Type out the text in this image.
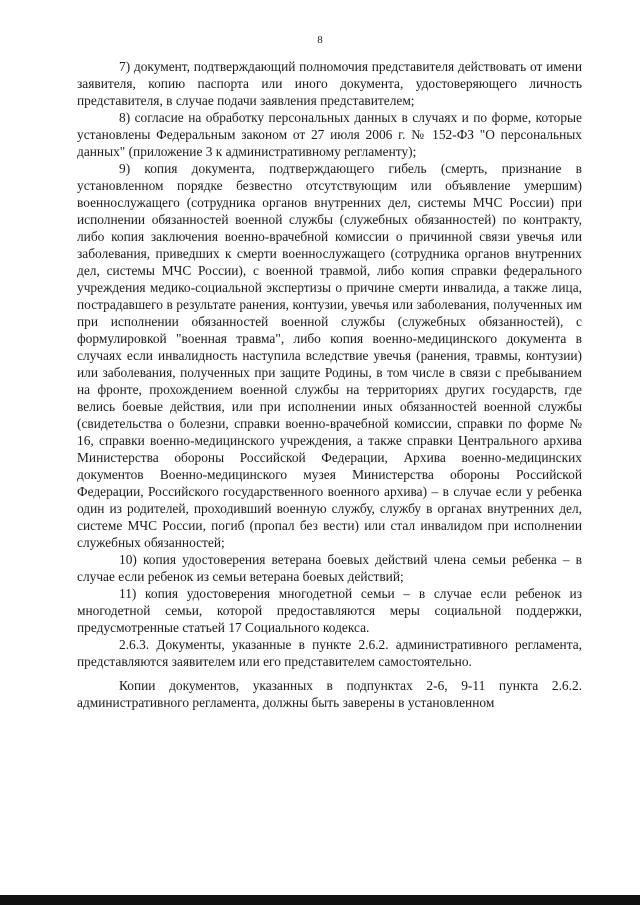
8

7) документ, подтверждающий полномочия представителя действовать от имени заявителя, копию паспорта или иного документа, удостоверяющего личность представителя, в случае подачи заявления представителем;

8) согласие на обработку персональных данных в случаях и по форме, которые установлены Федеральным законом от 27 июля 2006 г. № 152-ФЗ "О персональных данных" (приложение 3 к административному регламенту);

9) копия документа, подтверждающего гибель (смерть, признание в установленном порядке безвестно отсутствующим или объявление умершим) военнослужащего (сотрудника органов внутренних дел, системы МЧС России) при исполнении обязанностей военной службы (служебных обязанностей) по контракту, либо копия заключения военно-врачебной комиссии о причинной связи увечья или заболевания, приведших к смерти военнослужащего (сотрудника органов внутренних дел, системы МЧС России), с военной травмой, либо копия справки федерального учреждения медико-социальной экспертизы о причине смерти инвалида, а также лица, пострадавшего в результате ранения, контузии, увечья или заболевания, полученных им при исполнении обязанностей военной службы (служебных обязанностей), с формулировкой "военная травма", либо копия военно-медицинского документа в случаях если инвалидность наступила вследствие увечья (ранения, травмы, контузии) или заболевания, полученных при защите Родины, в том числе в связи с пребыванием на фронте, прохождением военной службы на территориях других государств, где велись боевые действия, или при исполнении иных обязанностей военной службы (свидетельства о болезни, справки военно-врачебной комиссии, справки по форме № 16, справки военно-медицинского учреждения, а также справки Центрального архива Министерства обороны Российской Федерации, Архива военно-медицинских документов Военно-медицинского музея Министерства обороны Российской Федерации, Российского государственного военного архива) – в случае если у ребенка один из родителей, проходивший военную службу, службу в органах внутренних дел, системе МЧС России, погиб (пропал без вести) или стал инвалидом при исполнении служебных обязанностей;

10) копия удостоверения ветерана боевых действий члена семьи ребенка – в случае если ребенок из семьи ветерана боевых действий;

11) копия удостоверения многодетной семьи – в случае если ребенок из многодетной семьи, которой предоставляются меры социальной поддержки, предусмотренные статьей 17 Социального кодекса.

2.6.3. Документы, указанные в пункте 2.6.2. административного регламента, представляются заявителем или его представителем самостоятельно.

Копии документов, указанных в подпунктах 2-6, 9-11 пункта 2.6.2. административного регламента, должны быть заверены в установленном
